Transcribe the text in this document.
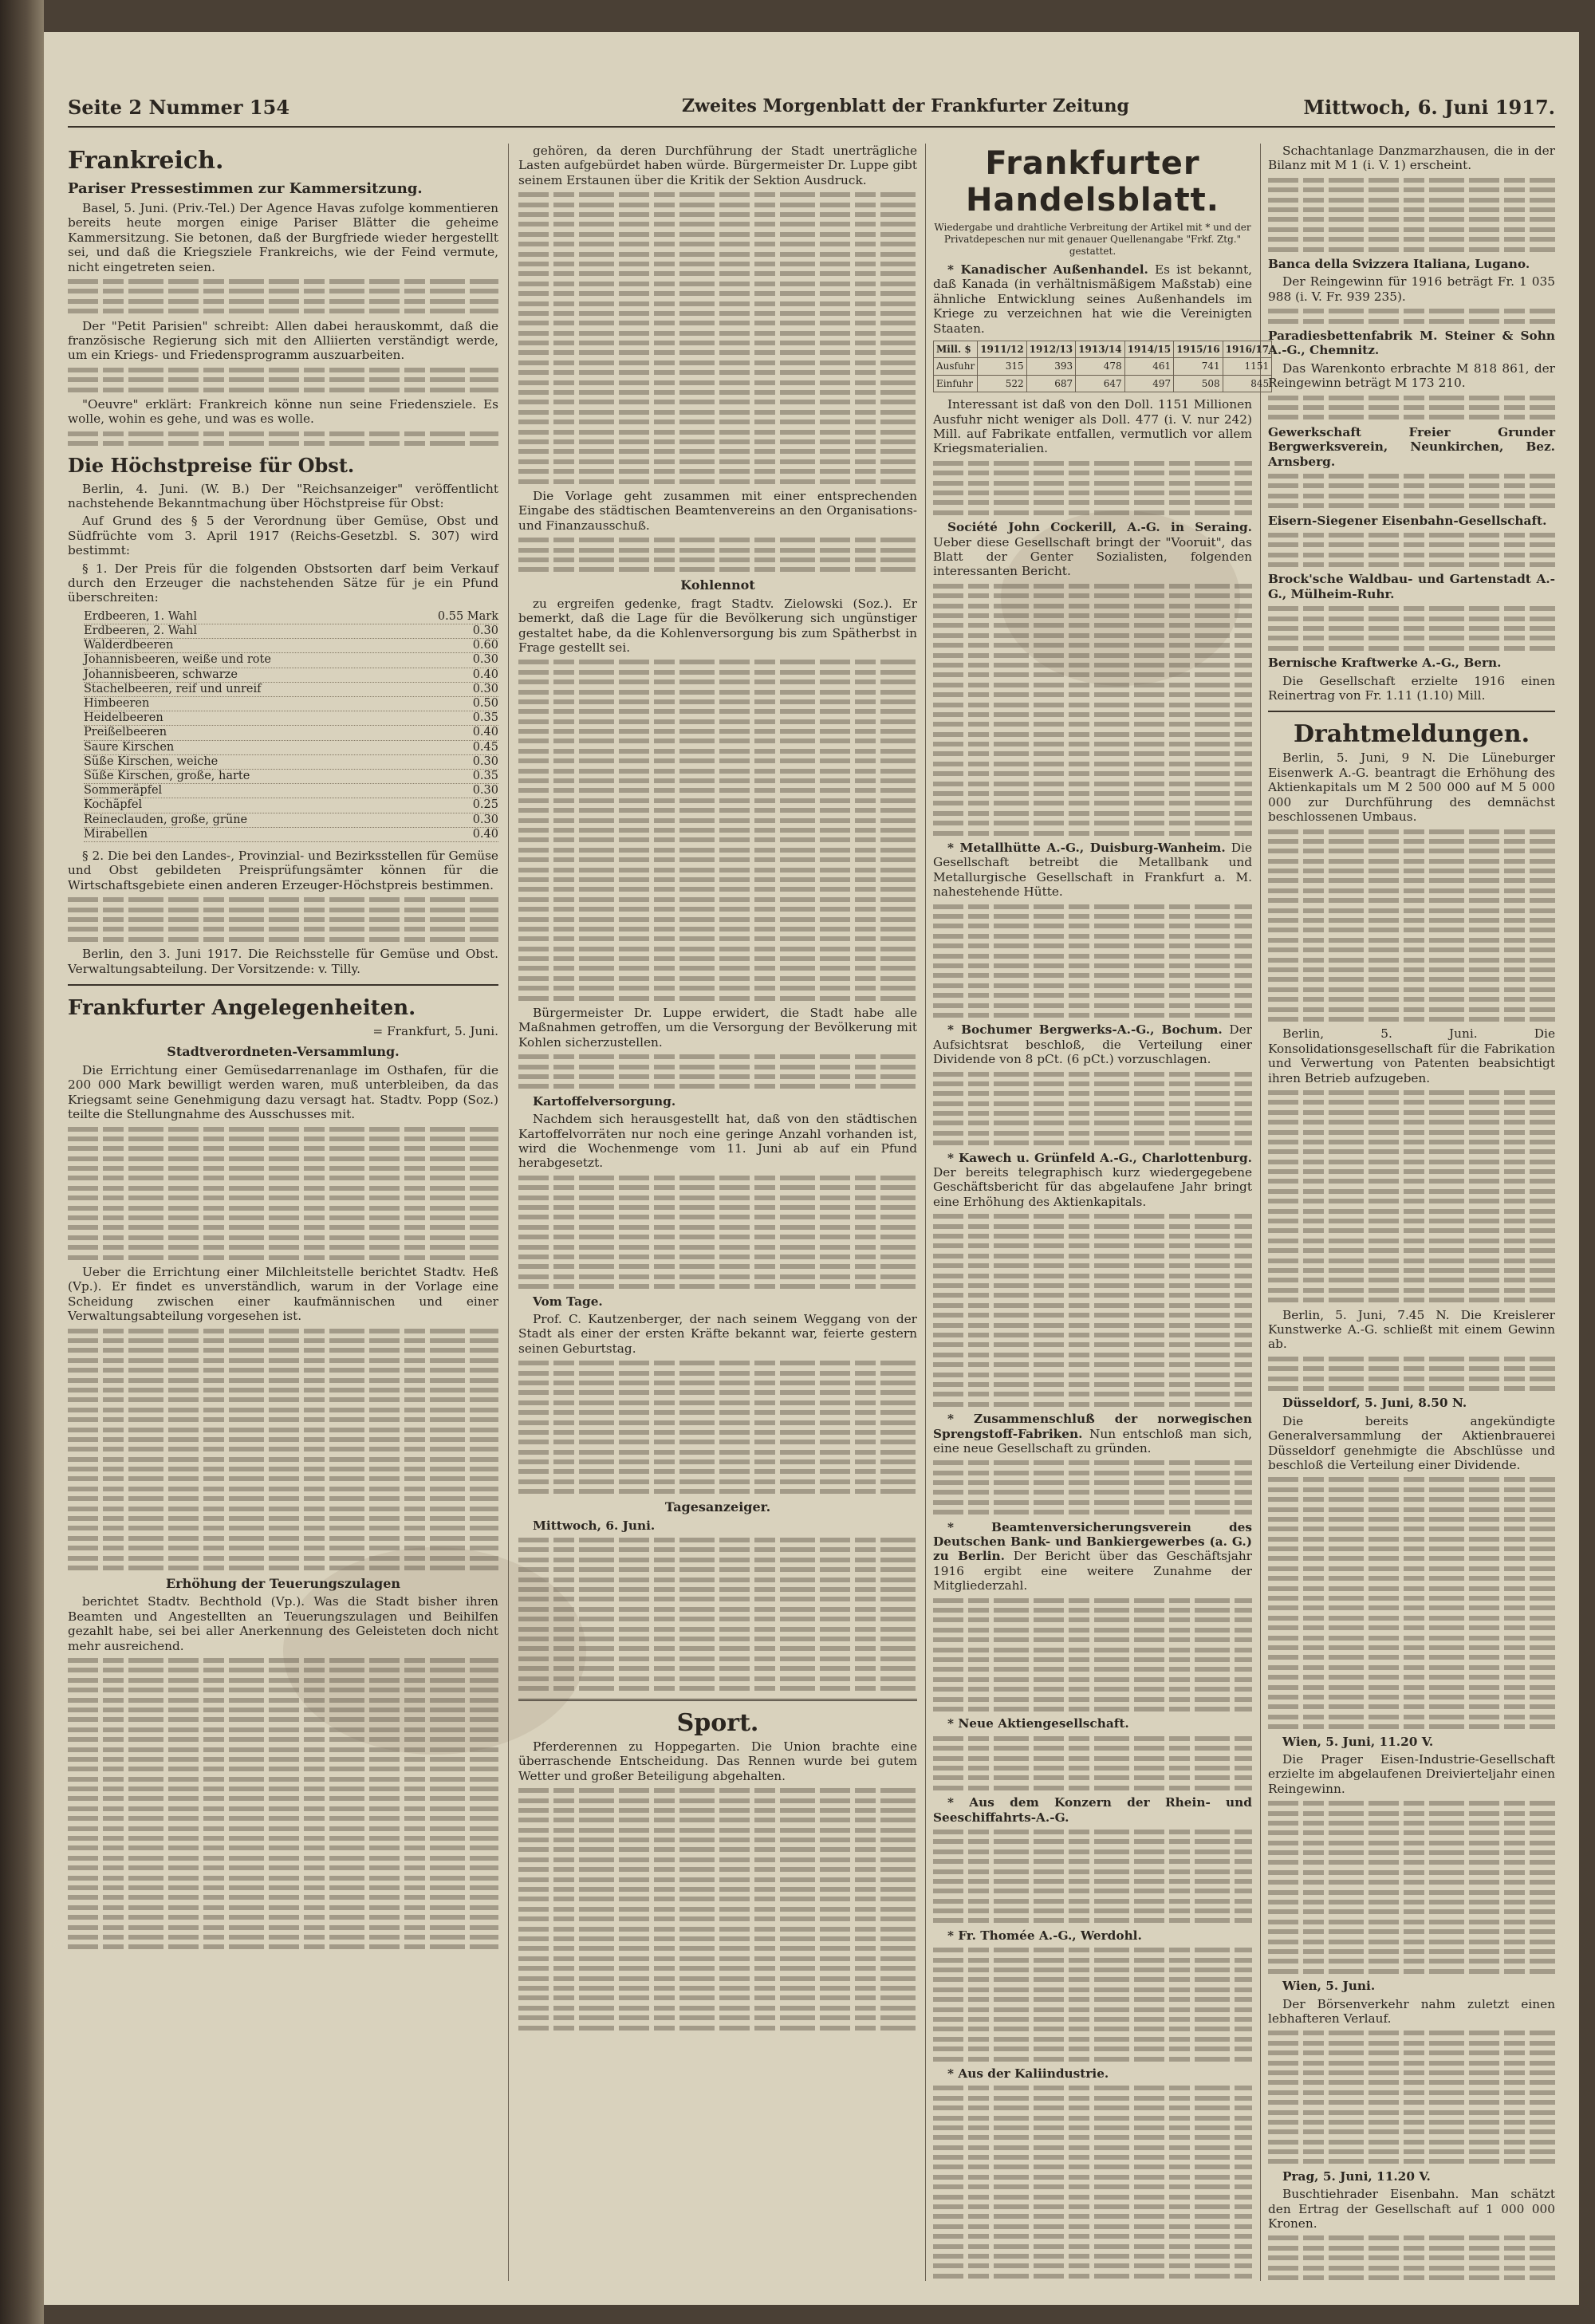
Seite 2 Nummer 154	Zweites Morgenblatt der Frankfurter Zeitung	Mittwoch, 6. Juni 1917.
Frankreich.
Pariser Pressestimmen zur Kammersitzung.

Basel, 5. Juni. (Priv.-Tel.) Der Agence Havas zufolge kommentieren bereits heute morgen einige Pariser Blätter die geheime Kammersitzung. Sie betonen, daß der Burgfriede wieder hergestellt sei, und daß die Kriegsziele Frankreichs, wie der Feind vermute, nicht eingetreten seien.

Der "Petit Parisien" schreibt: Allen dabei herauskommt, daß die französische Regierung sich mit den Alliierten verständigt werde, um ein Kriegs- und Friedensprogramm auszuarbeiten.

"Oeuvre" erklärt: Frankreich könne nun seine Friedensziele. Es wolle, wohin es gehe, und was es wolle.

Die Höchstpreise für Obst.

Berlin, 4. Juni. (W. B.) Der "Reichsanzeiger" veröffentlicht nachstehende Bekanntmachung über Höchstpreise für Obst:

Auf Grund des § 5 der Verordnung über Gemüse, Obst und Südfrüchte vom 3. April 1917 (Reichs-Gesetzbl. S. 307) wird bestimmt:

§ 1. Der Preis für die folgenden Obstsorten darf beim Verkauf durch den Erzeuger die nachstehenden Sätze für je ein Pfund überschreiten:

Erdbeeren, 1. Wahl	0.55 Mark
Erdbeeren, 2. Wahl	0.30
Walderdbeeren	0.60
Johannisbeeren, weiße und rote	0.30
Johannisbeeren, schwarze	0.40
Stachelbeeren, reif und unreif	0.30
Himbeeren	0.50
Heidelbeeren	0.35
Preißelbeeren	0.40
Saure Kirschen	0.45
Süße Kirschen, weiche	0.30
Süße Kirschen, große, harte	0.35
Sommeräpfel	0.30
Kochäpfel	0.25
Reineclauden, große, grüne	0.30
Mirabellen	0.40

§ 2. Die bei den Landes-, Provinzial- und Bezirksstellen für Gemüse und Obst gebildeten Preisprüfungsämter können für die Wirtschaftsgebiete einen anderen Erzeuger-Höchstpreis bestimmen.

Berlin, den 3. Juni 1917. Die Reichsstelle für Gemüse und Obst. Verwaltungsabteilung. Der Vorsitzende: v. Tilly.

Frankfurter Angelegenheiten.
= Frankfurt, 5. Juni.
Stadtverordneten-Versammlung.

Die Errichtung einer Gemüsedarrenanlage im Osthafen, für die 200 000 Mark bewilligt werden waren, muß unterbleiben, da das Kriegsamt seine Genehmigung dazu versagt hat. Stadtv. Popp (Soz.) teilte die Stellungnahme des Ausschusses mit.

Ueber die Errichtung einer Milchleitstelle berichtet Stadtv. Heß (Vp.). Er findet es unverständlich, warum in der Vorlage eine Scheidung zwischen einer kaufmännischen und einer Verwaltungsabteilung vorgesehen ist.

Erhöhung der Teuerungszulagen

berichtet Stadtv. Bechthold (Vp.). Was die Stadt bisher ihren Beamten und Angestellten an Teuerungszulagen und Beihilfen gezahlt habe, sei bei aller Anerkennung des Geleisteten doch nicht mehr ausreichend.

gehören, da deren Durchführung der Stadt unerträgliche Lasten aufgebürdet haben würde. Bürgermeister Dr. Luppe gibt seinem Erstaunen über die Kritik der Sektion Ausdruck.

Die Vorlage geht zusammen mit einer entsprechenden Eingabe des städtischen Beamtenvereins an den Organisations- und Finanzausschuß.

Kohlennot

zu ergreifen gedenke, fragt Stadtv. Zielowski (Soz.). Er bemerkt, daß die Lage für die Bevölkerung sich ungünstiger gestaltet habe, da die Kohlenversorgung bis zum Spätherbst in Frage gestellt sei.

Bürgermeister Dr. Luppe erwidert, die Stadt habe alle Maßnahmen getroffen, um die Versorgung der Bevölkerung mit Kohlen sicherzustellen.

Kartoffelversorgung.

Nachdem sich herausgestellt hat, daß von den städtischen Kartoffelvorräten nur noch eine geringe Anzahl vorhanden ist, wird die Wochenmenge vom 11. Juni ab auf ein Pfund herabgesetzt.

Vom Tage.

Prof. C. Kautzenberger, der nach seinem Weggang von der Stadt als einer der ersten Kräfte bekannt war, feierte gestern seinen Geburtstag.

Tagesanzeiger.

Mittwoch, 6. Juni.

Sport.

Pferderennen zu Hoppegarten. Die Union brachte eine überraschende Entscheidung. Das Rennen wurde bei gutem Wetter und großer Beteiligung abgehalten.

Frankfurter Handelsblatt.
Wiedergabe und drahtliche Verbreitung der Artikel mit * und der Privatdepeschen nur mit genauer Quellenangabe "Frkf. Ztg." gestattet.

* Kanadischer Außenhandel. Es ist bekannt, daß Kanada (in verhältnismäßigem Maßstab) eine ähnliche Entwicklung seines Außenhandels im Kriege zu verzeichnen hat wie die Vereinigten Staaten.

Mill. $	1911/12	1912/13	1913/14	1914/15	1915/16	1916/17
Ausfuhr	315	393	478	461	741	1151
Einfuhr	522	687	647	497	508	845

Interessant ist daß von den Doll. 1151 Millionen Ausfuhr nicht weniger als Doll. 477 (i. V. nur 242) Mill. auf Fabrikate entfallen, vermutlich vor allem Kriegsmaterialien.

Société John Cockerill, A.-G. in Seraing. Ueber diese Gesellschaft bringt der "Vooruit", das Blatt der Genter Sozialisten, folgenden interessanten Bericht.

* Metallhütte A.-G., Duisburg-Wanheim. Die Gesellschaft betreibt die Metallbank und Metallurgische Gesellschaft in Frankfurt a. M. nahestehende Hütte.

* Bochumer Bergwerks-A.-G., Bochum. Der Aufsichtsrat beschloß, die Verteilung einer Dividende von 8 pCt. (6 pCt.) vorzuschlagen.

* Kawech u. Grünfeld A.-G., Charlottenburg. Der bereits telegraphisch kurz wiedergegebene Geschäftsbericht für das abgelaufene Jahr bringt eine Erhöhung des Aktienkapitals.

* Zusammenschluß der norwegischen Sprengstoff-Fabriken. Nun entschloß man sich, eine neue Gesellschaft zu gründen.

* Beamtenversicherungsverein des Deutschen Bank- und Bankiergewerbes (a. G.) zu Berlin. Der Bericht über das Geschäftsjahr 1916 ergibt eine weitere Zunahme der Mitgliederzahl.

* Neue Aktiengesellschaft.

* Aus dem Konzern der Rhein- und Seeschiffahrts-A.-G.

* Fr. Thomée A.-G., Werdohl.

* Aus der Kaliindustrie.

Schachtanlage Danzmarzhausen, die in der Bilanz mit M 1 (i. V. 1) erscheint.

Banca della Svizzera Italiana, Lugano.

Der Reingewinn für 1916 beträgt Fr. 1 035 988 (i. V. Fr. 939 235).

Paradiesbettenfabrik M. Steiner & Sohn A.-G., Chemnitz.

Das Warenkonto erbrachte M 818 861, der Reingewinn beträgt M 173 210.

Gewerkschaft Freier Grunder Bergwerksverein, Neunkirchen, Bez. Arnsberg.

Eisern-Siegener Eisenbahn-Gesellschaft.

Brock'sche Waldbau- und Gartenstadt A.-G., Mülheim-Ruhr.

Bernische Kraftwerke A.-G., Bern.

Die Gesellschaft erzielte 1916 einen Reinertrag von Fr. 1.11 (1.10) Mill.

Drahtmeldungen.

Berlin, 5. Juni, 9 N. Die Lüneburger Eisenwerk A.-G. beantragt die Erhöhung des Aktienkapitals um M 2 500 000 auf M 5 000 000 zur Durchführung des demnächst beschlossenen Umbaus.

Berlin, 5. Juni. Die Konsolidationsgesellschaft für die Fabrikation und Verwertung von Patenten beabsichtigt ihren Betrieb aufzugeben.

Berlin, 5. Juni, 7.45 N. Die Kreislerer Kunstwerke A.-G. schließt mit einem Gewinn ab.

Düsseldorf, 5. Juni, 8.50 N.

Die bereits angekündigte Generalversammlung der Aktienbrauerei Düsseldorf genehmigte die Abschlüsse und beschloß die Verteilung einer Dividende.

Wien, 5. Juni, 11.20 V.

Die Prager Eisen-Industrie-Gesellschaft erzielte im abgelaufenen Dreivierteljahr einen Reingewinn.

Wien, 5. Juni.

Der Börsenverkehr nahm zuletzt einen lebhafteren Verlauf.

Prag, 5. Juni, 11.20 V.

Buschtiehrader Eisenbahn. Man schätzt den Ertrag der Gesellschaft auf 1 000 000 Kronen.
